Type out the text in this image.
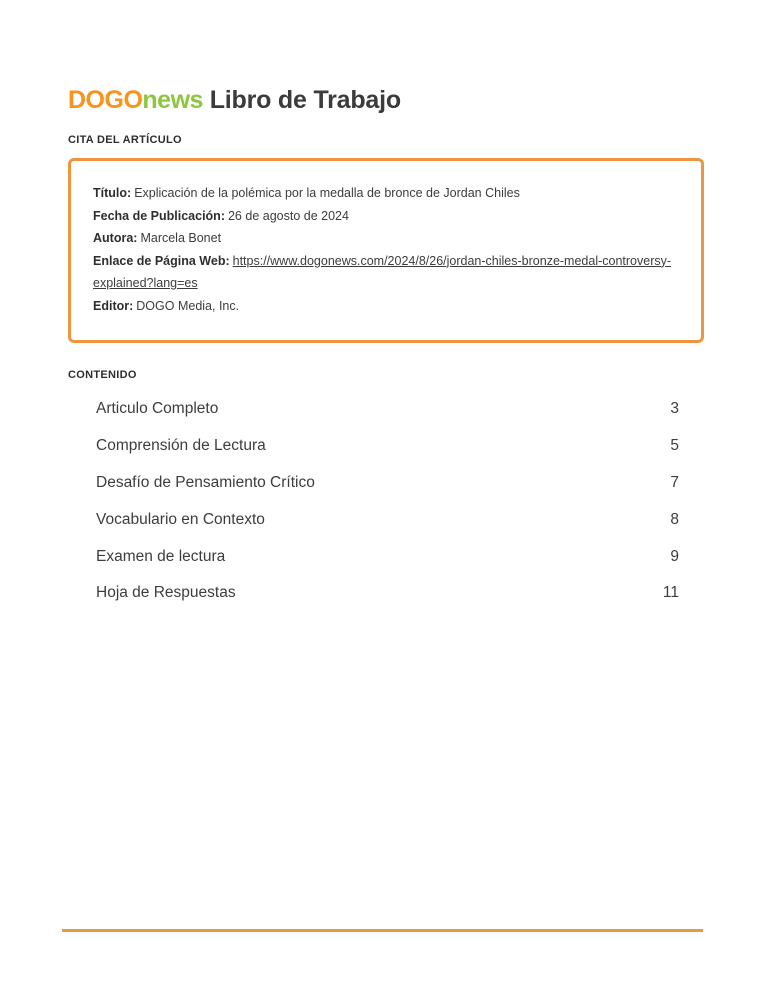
DOGOnews Libro de Trabajo
CITA DEL ARTÍCULO

Título: Explicación de la polémica por la medalla de bronce de Jordan Chiles

Fecha de Publicación: 26 de agosto de 2024

Autora: Marcela Bonet

Enlace de Página Web: https://www.dogonews.com/2024/8/26/jordan-chiles-bronze-medal-controversy-explained?lang=es

Editor: DOGO Media, Inc.

CONTENIDO
Articulo Completo	3
Comprensión de Lectura	5
Desafío de Pensamiento Crítico	7
Vocabulario en Contexto	8
Examen de lectura	9
Hoja de Respuestas	11
